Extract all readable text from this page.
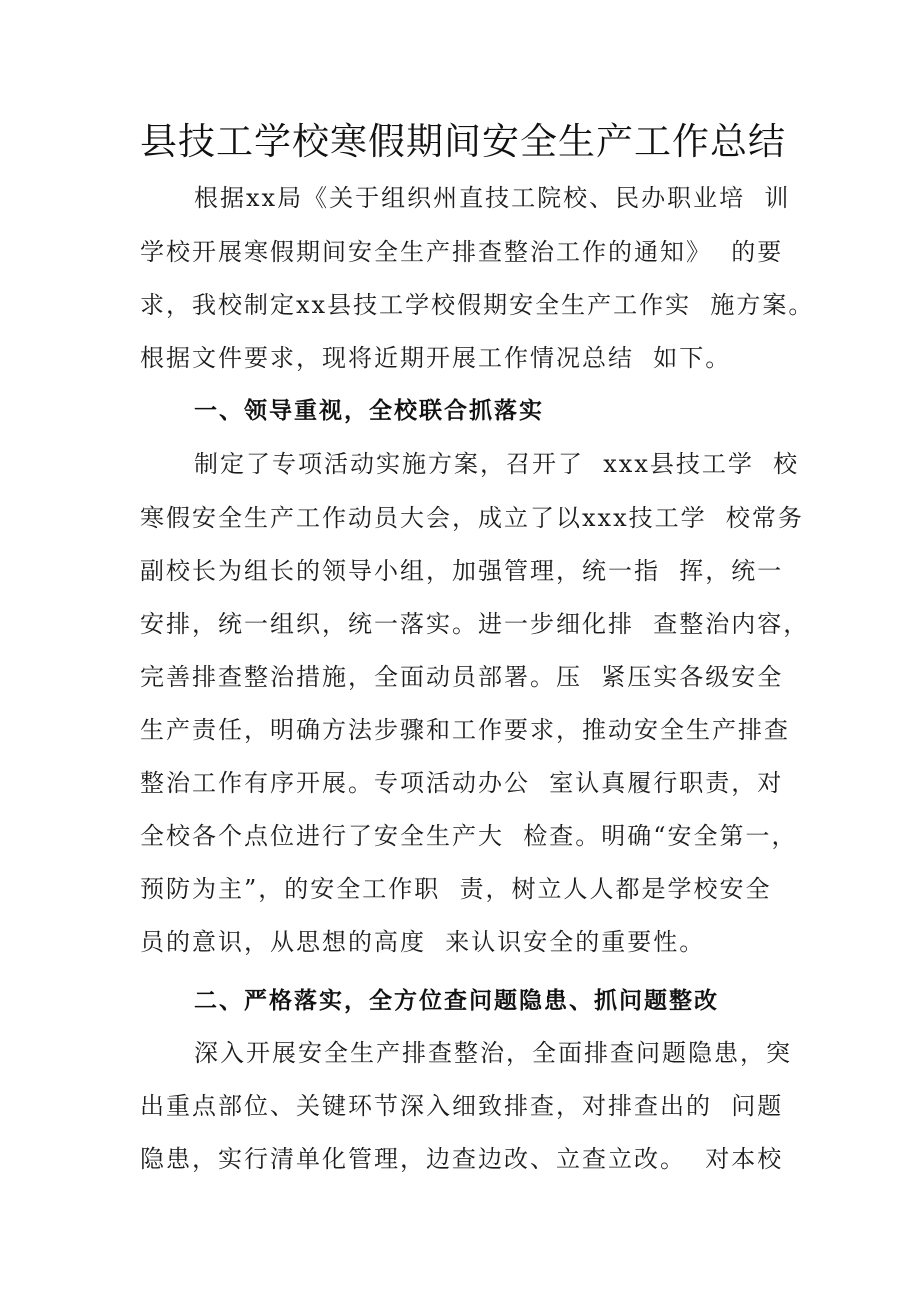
县技工学校寒假期间安全生产工作总结
根据xx局《关于组织州直技工院校、民办职业培  训
学校开展寒假期间安全生产排查整治工作的通知》  的要
求，我校制定xx县技工学校假期安全生产工作实  施方案。
根据文件要求，现将近期开展工作情况总结  如下。
一、领导重视，全校联合抓落实
制定了专项活动实施方案，召开了  xxx县技工学  校
寒假安全生产工作动员大会，成立了以xxx技工学  校常务
副校长为组长的领导小组，加强管理，统一指  挥，统一
安排，统一组织，统一落实。进一步细化排  查整治内容，
完善排查整治措施，全面动员部署。压  紧压实各级安全
生产责任，明确方法步骤和工作要求，推动安全生产排查
整治工作有序开展。专项活动办公  室认真履行职责，对
全校各个点位进行了安全生产大  检查。明确“安全第一，
预防为主”，的安全工作职  责，树立人人都是学校安全
员的意识，从思想的高度  来认识安全的重要性。
二、严格落实，全方位查问题隐患、抓问题整改
深入开展安全生产排查整治，全面排查问题隐患，突
出重点部位、关键环节深入细致排查，对排查出的  问题
隐患，实行清单化管理，边查边改、立查立改。  对本校
